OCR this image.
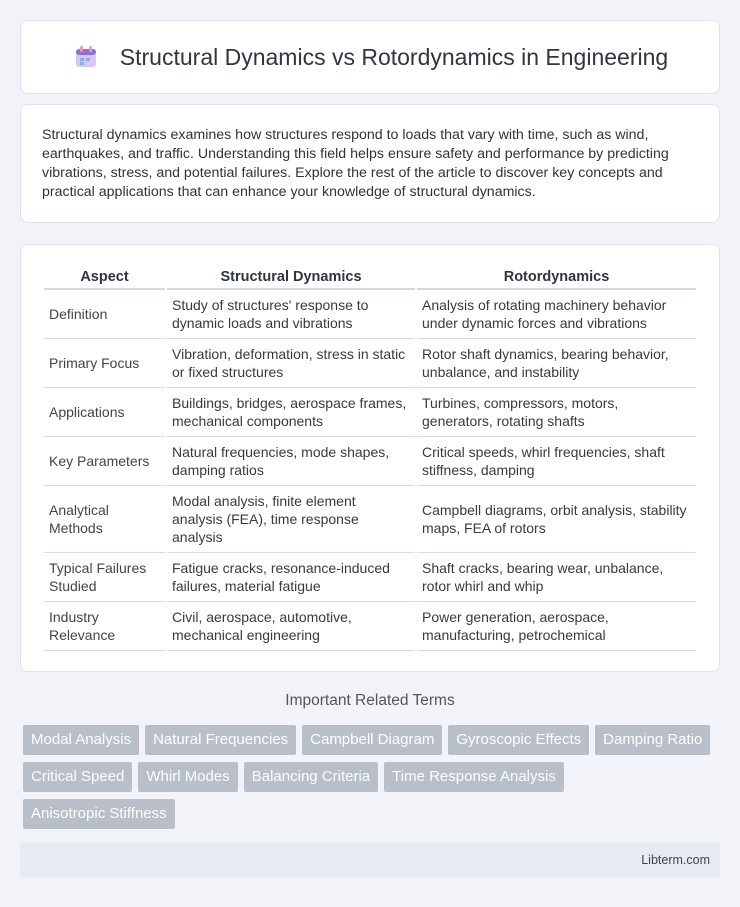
Structural Dynamics vs Rotordynamics in Engineering

Structural dynamics examines how structures respond to loads that vary with time, such as wind, earthquakes, and traffic. Understanding this field helps ensure safety and performance by predicting vibrations, stress, and potential failures. Explore the rest of the article to discover key concepts and practical applications that can enhance your knowledge of structural dynamics.

Aspect	Structural Dynamics	Rotordynamics
Definition	Study of structures' response to dynamic loads and vibrations	Analysis of rotating machinery behavior under dynamic forces and vibrations
Primary Focus	Vibration, deformation, stress in static or fixed structures	Rotor shaft dynamics, bearing behavior, unbalance, and instability
Applications	Buildings, bridges, aerospace frames, mechanical components	Turbines, compressors, motors, generators, rotating shafts
Key Parameters	Natural frequencies, mode shapes, damping ratios	Critical speeds, whirl frequencies, shaft stiffness, damping
Analytical Methods	Modal analysis, finite element analysis (FEA), time response analysis	Campbell diagrams, orbit analysis, stability maps, FEA of rotors
Typical Failures Studied	Fatigue cracks, resonance-induced failures, material fatigue	Shaft cracks, bearing wear, unbalance, rotor whirl and whip
Industry Relevance	Civil, aerospace, automotive, mechanical engineering	Power generation, aerospace, manufacturing, petrochemical
Important Related Terms
Modal Analysis	Natural Frequencies	Campbell Diagram	Gyroscopic Effects	Damping Ratio
Critical Speed	Whirl Modes	Balancing Criteria	Time Response Analysis
Anisotropic Stiffness
Libterm.com
